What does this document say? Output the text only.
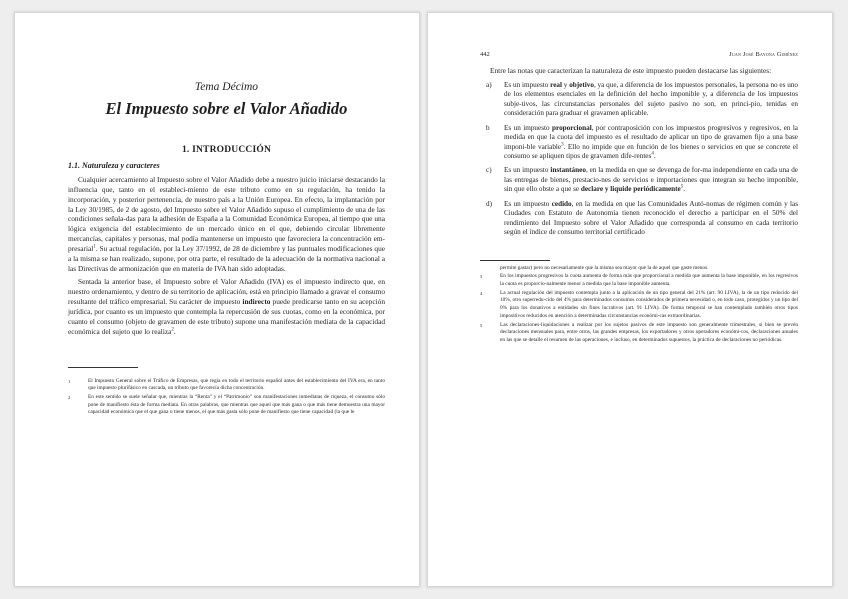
Tema Décimo
El Impuesto sobre el Valor Añadido
1. INTRODUCCIÓN
1.1. Naturaleza y caracteres

Cualquier acercamiento al Impuesto sobre el Valor Añadido debe a nuestro juicio iniciarse destacando la influencia que, tanto en el estableci-miento de este tributo como en su regulación, ha tenido la incorporación, y posterior pertenencia, de nuestro país a la Unión Europea. En efecto, la implantación por la Ley 30/1985, de 2 de agosto, del Impuesto sobre el Valor Añadido supuso el cumplimiento de una de las condiciones señala-das para la adhesión de España a la Comunidad Económica Europea, al tiempo que una lógica exigencia del establecimiento de un mercado único en el que, debiendo circular libremente mercancías, capitales y personas, mal podía mantenerse un impuesto que favoreciera la concentración em-presarial$^1$. Su actual regulación, por la Ley 37/1992, de 28 de diciembre y las puntuales modificaciones que a la misma se han realizado, supone, por otra parte, el resultado de la adecuación de la normativa nacional a las Directivas de armonización que en materia de IVA han sido adoptadas.

Sentada la anterior base, el Impuesto sobre el Valor Añadido (IVA) es el impuesto indirecto que, en nuestro ordenamiento, y dentro de su territorio de aplicación, está en principio llamado a gravar el consumo resultante del tráfico empresarial. Su carácter de impuesto indirecto puede predicarse tanto en su acepción jurídica, por cuanto es un impuesto que contempla la repercusión de sus cuotas, como en la económica, por cuanto el consumo (objeto de gravamen de este tributo) supone una manifestación mediata de la capacidad económica del sujeto que lo realiza$^2$.

1	El Impuesto General sobre el Tráfico de Empresas, que regía en todo el territorio español antes del establecimiento del IVA era, en tanto que impuesto plurifásico en cascada, un tributo que favorecía dicha concentración.
2	En este sentido se suele señalar que, mientras la “Renta” y el “Patrimonio” son manifestaciones inmediatas de riqueza, el consumo sólo pone de manifiesto ésta de forma mediata. En otras palabras, que mientras que aquel que más gana o que más tiene demuestra una mayor capacidad económica que el que gana o tiene menos, el que más gasta sólo pone de manifiesto que tiene capacidad (la que le
442	Juan José Bayona Giménez

Entre las notas que caracterizan la naturaleza de este impuesto pueden destacarse las siguientes:

a) Es un impuesto real y objetivo, ya que, a diferencia de los impuestos personales, la persona no es uno de los elementos esenciales en la definición del hecho imponible y, a diferencia de los impuestos subje-tivos, las circunstancias personales del sujeto pasivo no son, en princi-pio, tenidas en consideración para graduar el gravamen aplicable.
b Es un impuesto proporcional, por contraposición con los impuestos progresivos y regresivos, en la medida en que la cuota del impuesto es el resultado de aplicar un tipo de gravamen fijo a una base imponi-ble variable$^3$. Ello no impide que en función de los bienes o servicios en que se concrete el consumo se apliquen tipos de gravamen dife-rentes$^4$.
c) Es un impuesto instantáneo, en la medida en que se devenga de for-ma independiente en cada una de las entregas de bienes, prestacio-nes de servicios e importaciones que integran su hecho imponible, sin que ello obste a que se declare y liquide periódicamente$^5$.
d) Es un impuesto cedido, en la medida en que las Comunidades Autó-nomas de régimen común y las Ciudades con Estatuto de Autonomía tienen reconocido el derecho a participar en el 50% del rendimiento del Impuesto sobre el Valor Añadido que corresponda al consumo en cada territorio según el índice de consumo territorial certificado
permite gastar) pero no necesariamente que la misma sea mayor que la de aquel que gaste menos.
3	En los impuestos progresivos la cuota aumenta de forma más que proporcional a medida que aumenta la base imponible, en los regresivos la cuota es proporcio-nalmente menor a medida que la base imponible aumenta.
4	La actual regulación del impuesto contempla junto a la aplicación de un tipo general del 21% (art. 90 LIVA), la de un tipo reducido del 10%, otro superredu-cido del 4% para determinados consumos considerados de primera necesidad o, en todo caso, protegidos y un tipo del 0% para los donativos a entidades sin fines lucrativos (art. 91 LIVA). De forma temporal se han contemplado también otros tipos impositivos reducidos en atención a determinadas circunstancias económi-cas extraordinarias.
5	Las declaraciones-liquidaciones a realizar por los sujetos pasivos de este impuesto son generalmente trimestrales, si bien se prevén declaraciones mensuales para, entre otros, las grandes empresas, los exportadores y otros operadores económi-cos, declaraciones anuales en las que se detalle el resumen de las operaciones, e incluso, en determinados supuestos, la práctica de declaraciones no periódicas.
